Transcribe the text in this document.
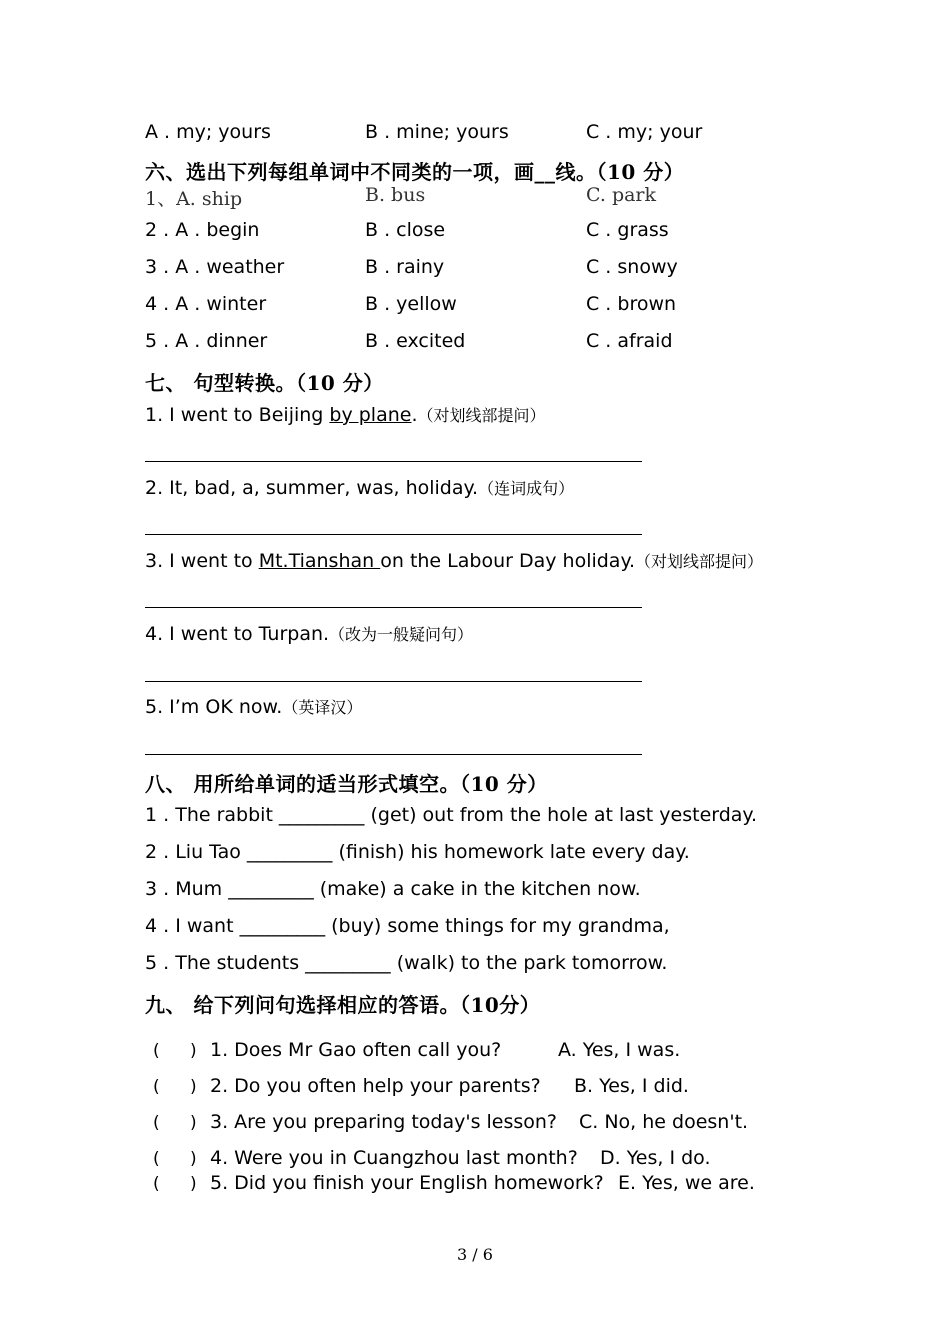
A . my; yours	B . mine; yours	C . my; your
六、选出下列每组单词中不同类的一项，画__线。（10 分）
1、A. ship	B. bus	C. park
2 . A . begin	B . close	C . grass
3 . A . weather	B . rainy	C . snowy
4 . A . winter	B . yellow	C . brown
5 . A . dinner	B . excited	C . afraid
七、 句型转换。（10 分）
1. I went to Beijing by plane.（对划线部提问）
2. It, bad, a, summer, was, holiday.（连词成句）
3. I went to Mt.Tianshan on the Labour Day holiday.（对划线部提问）
4. I went to Turpan.（改为一般疑问句）
5. I’m OK now.（英译汉）
八、 用所给单词的适当形式填空。（10 分）
1 . The rabbit _________ (get) out from the hole at last yesterday.
2 . Liu Tao _________ (finish) his homework late every day.
3 . Mum _________ (make) a cake in the kitchen now.
4 . I want _________ (buy) some things for my grandma,
5 . The students _________ (walk) to the park tomorrow.
九、 给下列问句选择相应的答语。（10分）
( ) 1. Does Mr Gao often call you?	A. Yes, I was.
( ) 2. Do you often help your parents? B. Yes, I did.
( ) 3. Are you preparing today's lesson? C. No, he doesn't.
( ) 4. Were you in Cuangzhou last month? D. Yes, I do.
( ) 5. Did you finish your English homework? E. Yes, we are.
3 / 6
